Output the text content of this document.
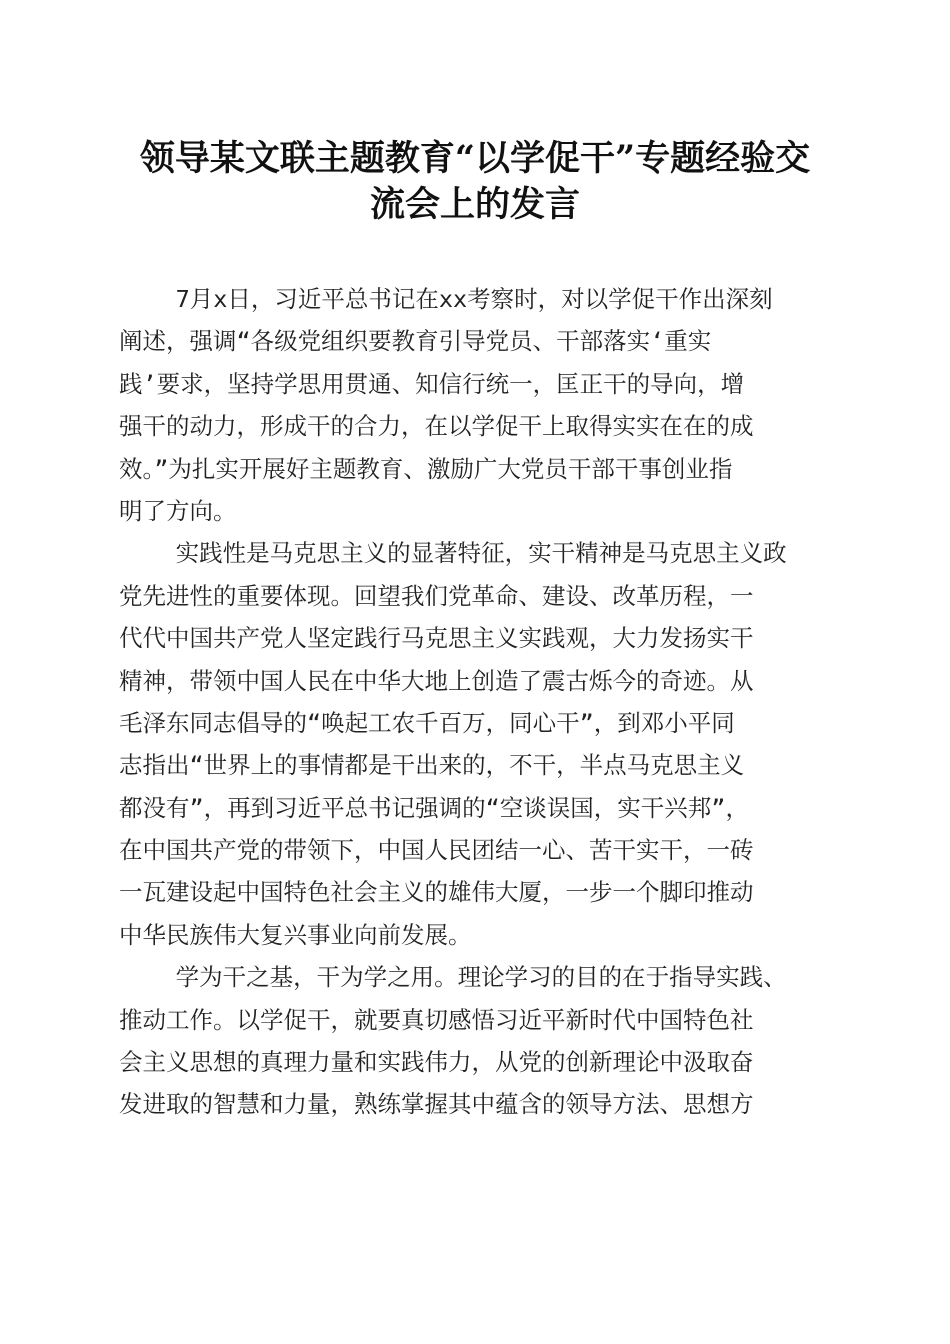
领导某文联主题教育“以学促干”专题经验交
流会上的发言
7月x日，习近平总书记在xx考察时，对以学促干作出深刻
阐述，强调“各级党组织要教育引导党员、干部落实‘重实
践’要求，坚持学思用贯通、知信行统一，匡正干的导向，增
强干的动力，形成干的合力，在以学促干上取得实实在在的成
效。”为扎实开展好主题教育、激励广大党员干部干事创业指
明了方向。
实践性是马克思主义的显著特征，实干精神是马克思主义政
党先进性的重要体现。回望我们党革命、建设、改革历程，一
代代中国共产党人坚定践行马克思主义实践观，大力发扬实干
精神，带领中国人民在中华大地上创造了震古烁今的奇迹。从
毛泽东同志倡导的“唤起工农千百万，同心干”，到邓小平同
志指出“世界上的事情都是干出来的，不干，半点马克思主义
都没有”，再到习近平总书记强调的“空谈误国，实干兴邦”，
在中国共产党的带领下，中国人民团结一心、苦干实干，一砖
一瓦建设起中国特色社会主义的雄伟大厦，一步一个脚印推动
中华民族伟大复兴事业向前发展。
学为干之基，干为学之用。理论学习的目的在于指导实践、
推动工作。以学促干，就要真切感悟习近平新时代中国特色社
会主义思想的真理力量和实践伟力，从党的创新理论中汲取奋
发进取的智慧和力量，熟练掌握其中蕴含的领导方法、思想方
